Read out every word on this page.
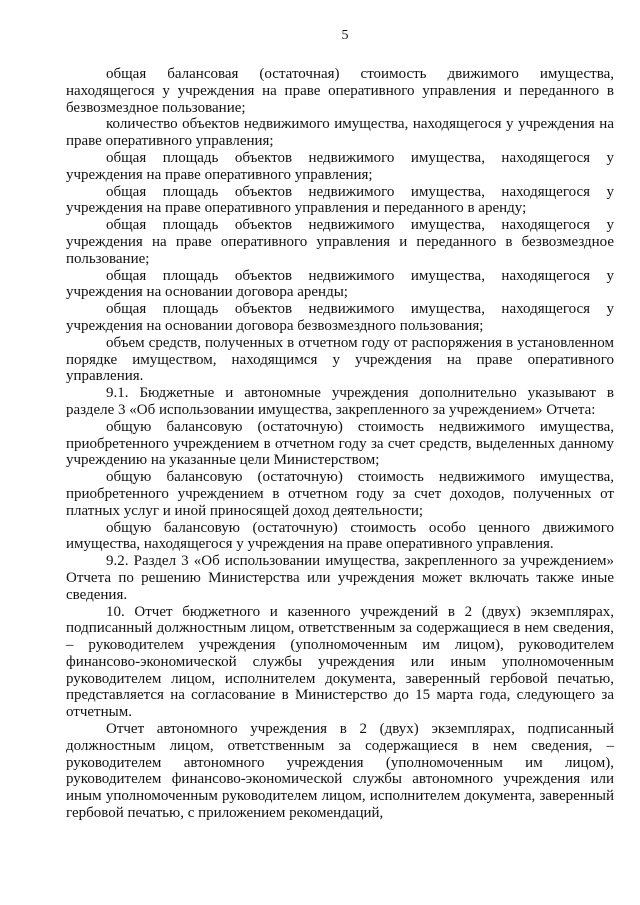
5

общая балансовая (остаточная) стоимость движимого имущества, находящегося у учреждения на праве оперативного управления и переданного в безвозмездное пользование;

количество объектов недвижимого имущества, находящегося у учреждения на праве оперативного управления;

общая площадь объектов недвижимого имущества, находящегося у учреждения на праве оперативного управления;

общая площадь объектов недвижимого имущества, находящегося у учреждения на праве оперативного управления и переданного в аренду;

общая площадь объектов недвижимого имущества, находящегося у учреждения на праве оперативного управления и переданного в безвозмездное пользование;

общая площадь объектов недвижимого имущества, находящегося у учреждения на основании договора аренды;

общая площадь объектов недвижимого имущества, находящегося у учреждения на основании договора безвозмездного пользования;

объем средств, полученных в отчетном году от распоряжения в установленном порядке имуществом, находящимся у учреждения на праве оперативного управления.

9.1. Бюджетные и автономные учреждения дополнительно указывают в разделе 3 «Об использовании имущества, закрепленного за учреждением» Отчета:

общую балансовую (остаточную) стоимость недвижимого имущества, приобретенного учреждением в отчетном году за счет средств, выделенных данному учреждению на указанные цели Министерством;

общую балансовую (остаточную) стоимость недвижимого имущества, приобретенного учреждением в отчетном году за счет доходов, полученных от платных услуг и иной приносящей доход деятельности;

общую балансовую (остаточную) стоимость особо ценного движимого имущества, находящегося у учреждения на праве оперативного управления.

9.2. Раздел 3 «Об использовании имущества, закрепленного за учреждением» Отчета по решению Министерства или учреждения может включать также иные сведения.

10. Отчет бюджетного и казенного учреждений в 2 (двух) экземплярах, подписанный должностным лицом, ответственным за содержащиеся в нем сведения, – руководителем учреждения (уполномоченным им лицом), руководителем финансово-экономической службы учреждения или иным уполномоченным руководителем лицом, исполнителем документа, заверенный гербовой печатью, представляется на согласование в Министерство до 15 марта года, следующего за отчетным.

Отчет автономного учреждения в 2 (двух) экземплярах, подписанный должностным лицом, ответственным за содержащиеся в нем сведения, – руководителем автономного учреждения (уполномоченным им лицом), руководителем финансово-экономической службы автономного учреждения или иным уполномоченным руководителем лицом, исполнителем документа, заверенный гербовой печатью, с приложением рекомендаций,
